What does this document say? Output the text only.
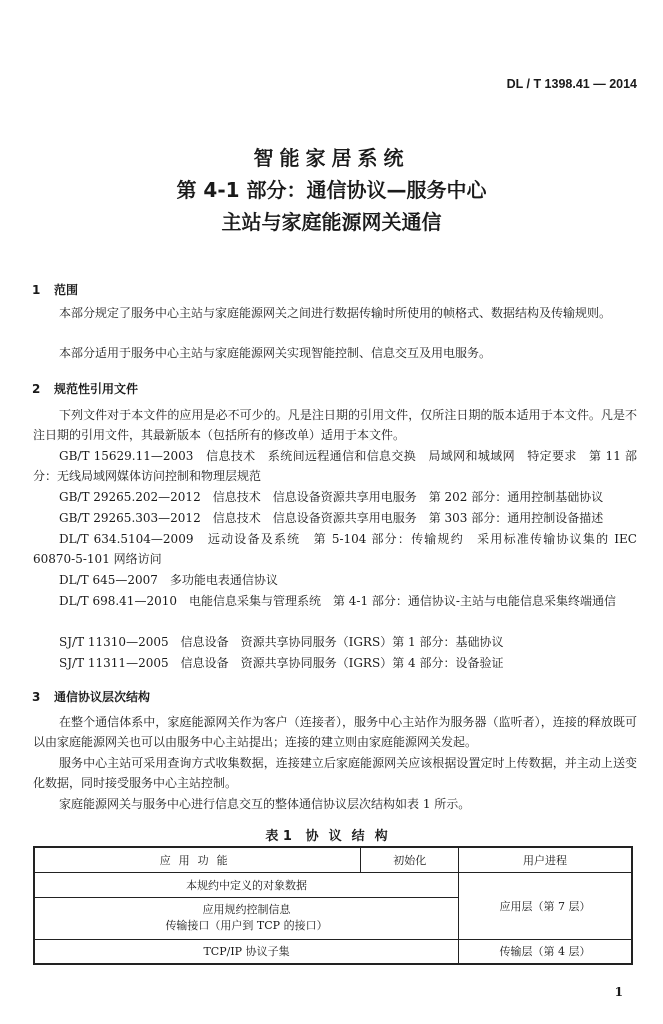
DL / T 1398.41 — 2014
智能家居系统
第 4-1 部分：通信协议—服务中心
主站与家庭能源网关通信
1 范围
本部分规定了服务中心主站与家庭能源网关之间进行数据传输时所使用的帧格式、数据结构及传输规则。
本部分适用于服务中心主站与家庭能源网关实现智能控制、信息交互及用电服务。
2 规范性引用文件
下列文件对于本文件的应用是必不可少的。凡是注日期的引用文件，仅所注日期的版本适用于本文件。凡是不注日期的引用文件，其最新版本（包括所有的修改单）适用于本文件。
GB/T 15629.11—2003　信息技术　系统间远程通信和信息交换　局域网和城域网　特定要求　第 11 部分：无线局域网媒体访问控制和物理层规范
GB/T 29265.202—2012　信息技术　信息设备资源共享用电服务　第 202 部分：通用控制基础协议
GB/T 29265.303—2012　信息技术　信息设备资源共享用电服务　第 303 部分：通用控制设备描述
DL/T 634.5104—2009　远动设备及系统　第 5-104 部分：传输规约　采用标准传输协议集的 IEC 60870-5-101 网络访问
DL/T 645—2007　多功能电表通信协议
DL/T 698.41—2010　电能信息采集与管理系统　第 4-1 部分：通信协议-主站与电能信息采集终端通信
SJ/T 11310—2005　信息设备　资源共享协同服务（IGRS）第 1 部分：基础协议
SJ/T 11311—2005　信息设备　资源共享协同服务（IGRS）第 4 部分：设备验证
3 通信协议层次结构
在整个通信体系中，家庭能源网关作为客户（连接者），服务中心主站作为服务器（监听者），连接的释放既可以由家庭能源网关也可以由服务中心主站提出；连接的建立则由家庭能源网关发起。
服务中心主站可采用查询方式收集数据，连接建立后家庭能源网关应该根据设置定时上传数据，并主动上送变化数据，同时接受服务中心主站控制。
家庭能源网关与服务中心进行信息交互的整体通信协议层次结构如表 1 所示。
表 1 协议结构
应用功能	初始化	用户进程
本规约中定义的对象数据		应用层（第 7 层）

应用规约控制信息
传输接口（用户到 TCP 的接口）		

TCP/IP 协议子集		传输层（第 4 层）
1
